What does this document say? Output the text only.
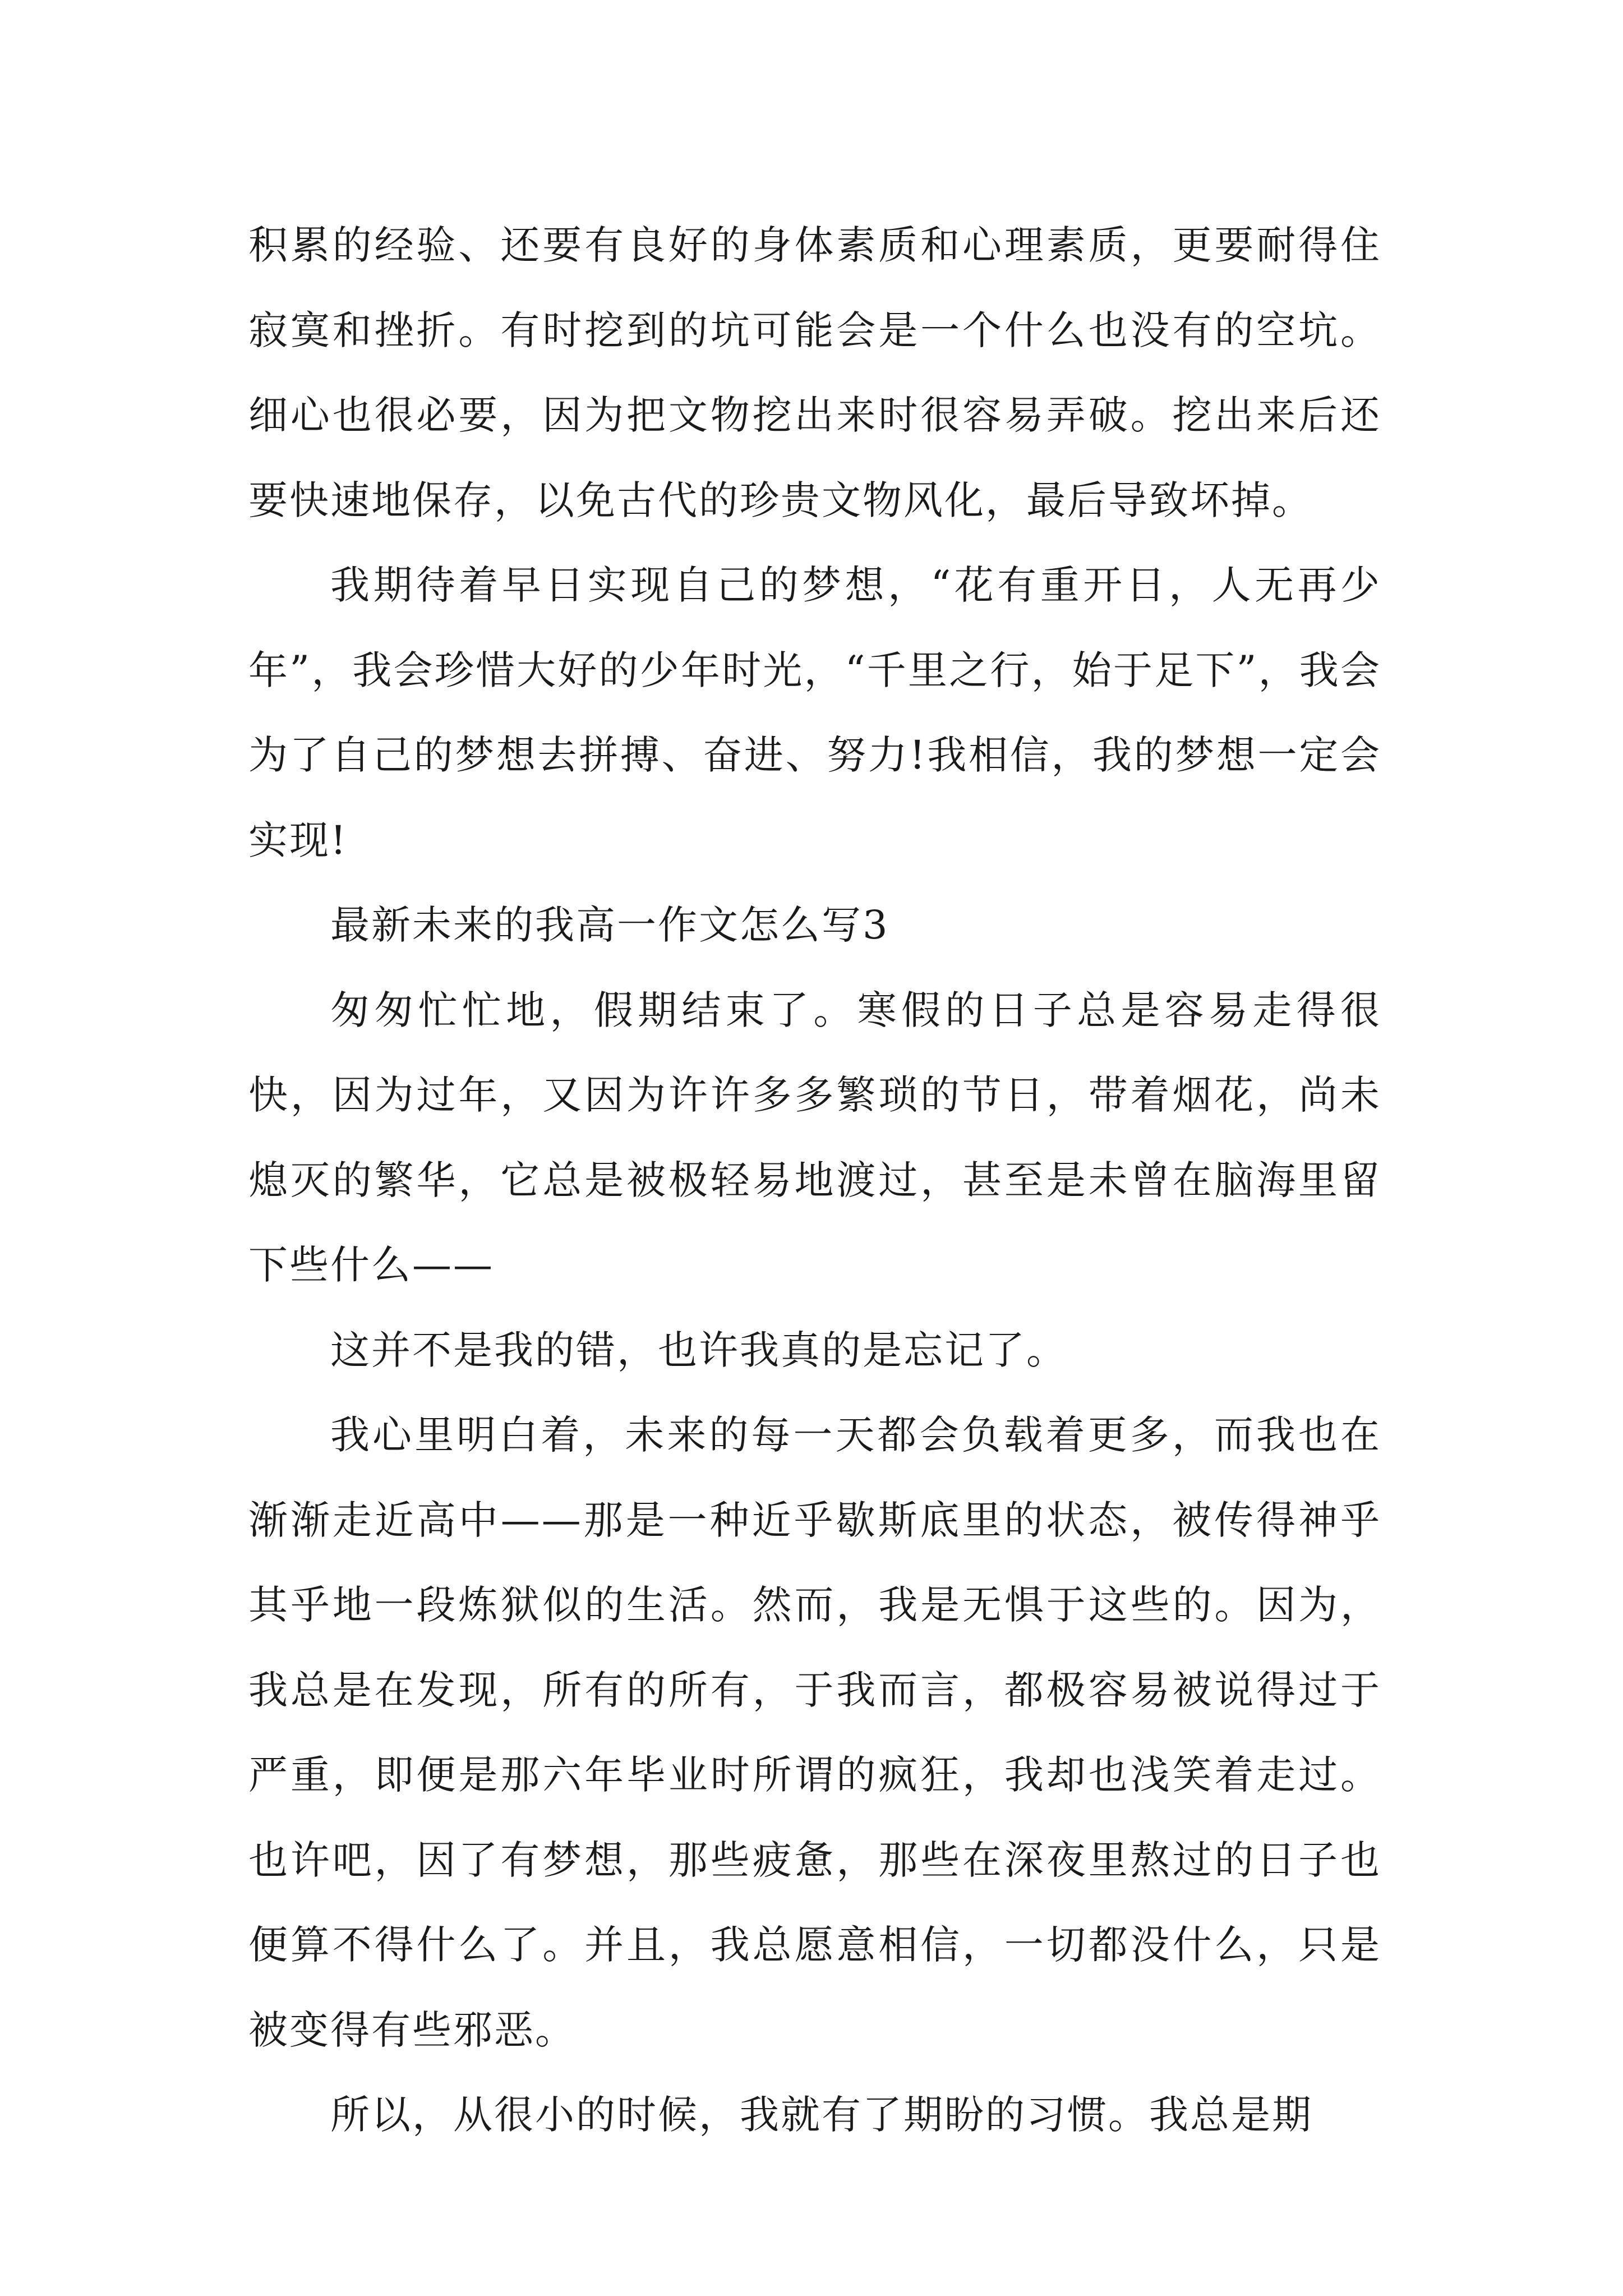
积累的经验、还要有良好的身体素质和心理素质，更要耐得住寂寞和挫折。有时挖到的坑可能会是一个什么也没有的空坑。细心也很必要，因为把文物挖出来时很容易弄破。挖出来后还要快速地保存，以免古代的珍贵文物风化，最后导致坏掉。

我期待着早日实现自己的梦想，“花有重开日，人无再少年”，我会珍惜大好的少年时光，“千里之行，始于足下”，我会为了自己的梦想去拼搏、奋进、努力!我相信，我的梦想一定会实现!

最新未来的我高一作文怎么写3

匆匆忙忙地，假期结束了。寒假的日子总是容易走得很快，因为过年，又因为许许多多繁琐的节日，带着烟花，尚未熄灭的繁华，它总是被极轻易地渡过，甚至是未曾在脑海里留下些什么——

这并不是我的错，也许我真的是忘记了。

我心里明白着，未来的每一天都会负载着更多，而我也在渐渐走近高中——那是一种近乎歇斯底里的状态，被传得神乎其乎地一段炼狱似的生活。然而，我是无惧于这些的。因为，我总是在发现，所有的所有，于我而言，都极容易被说得过于严重，即便是那六年毕业时所谓的疯狂，我却也浅笑着走过。也许吧，因了有梦想，那些疲惫，那些在深夜里熬过的日子也便算不得什么了。并且，我总愿意相信，一切都没什么，只是被变得有些邪恶。

所以，从很小的时候，我就有了期盼的习惯。我总是期
